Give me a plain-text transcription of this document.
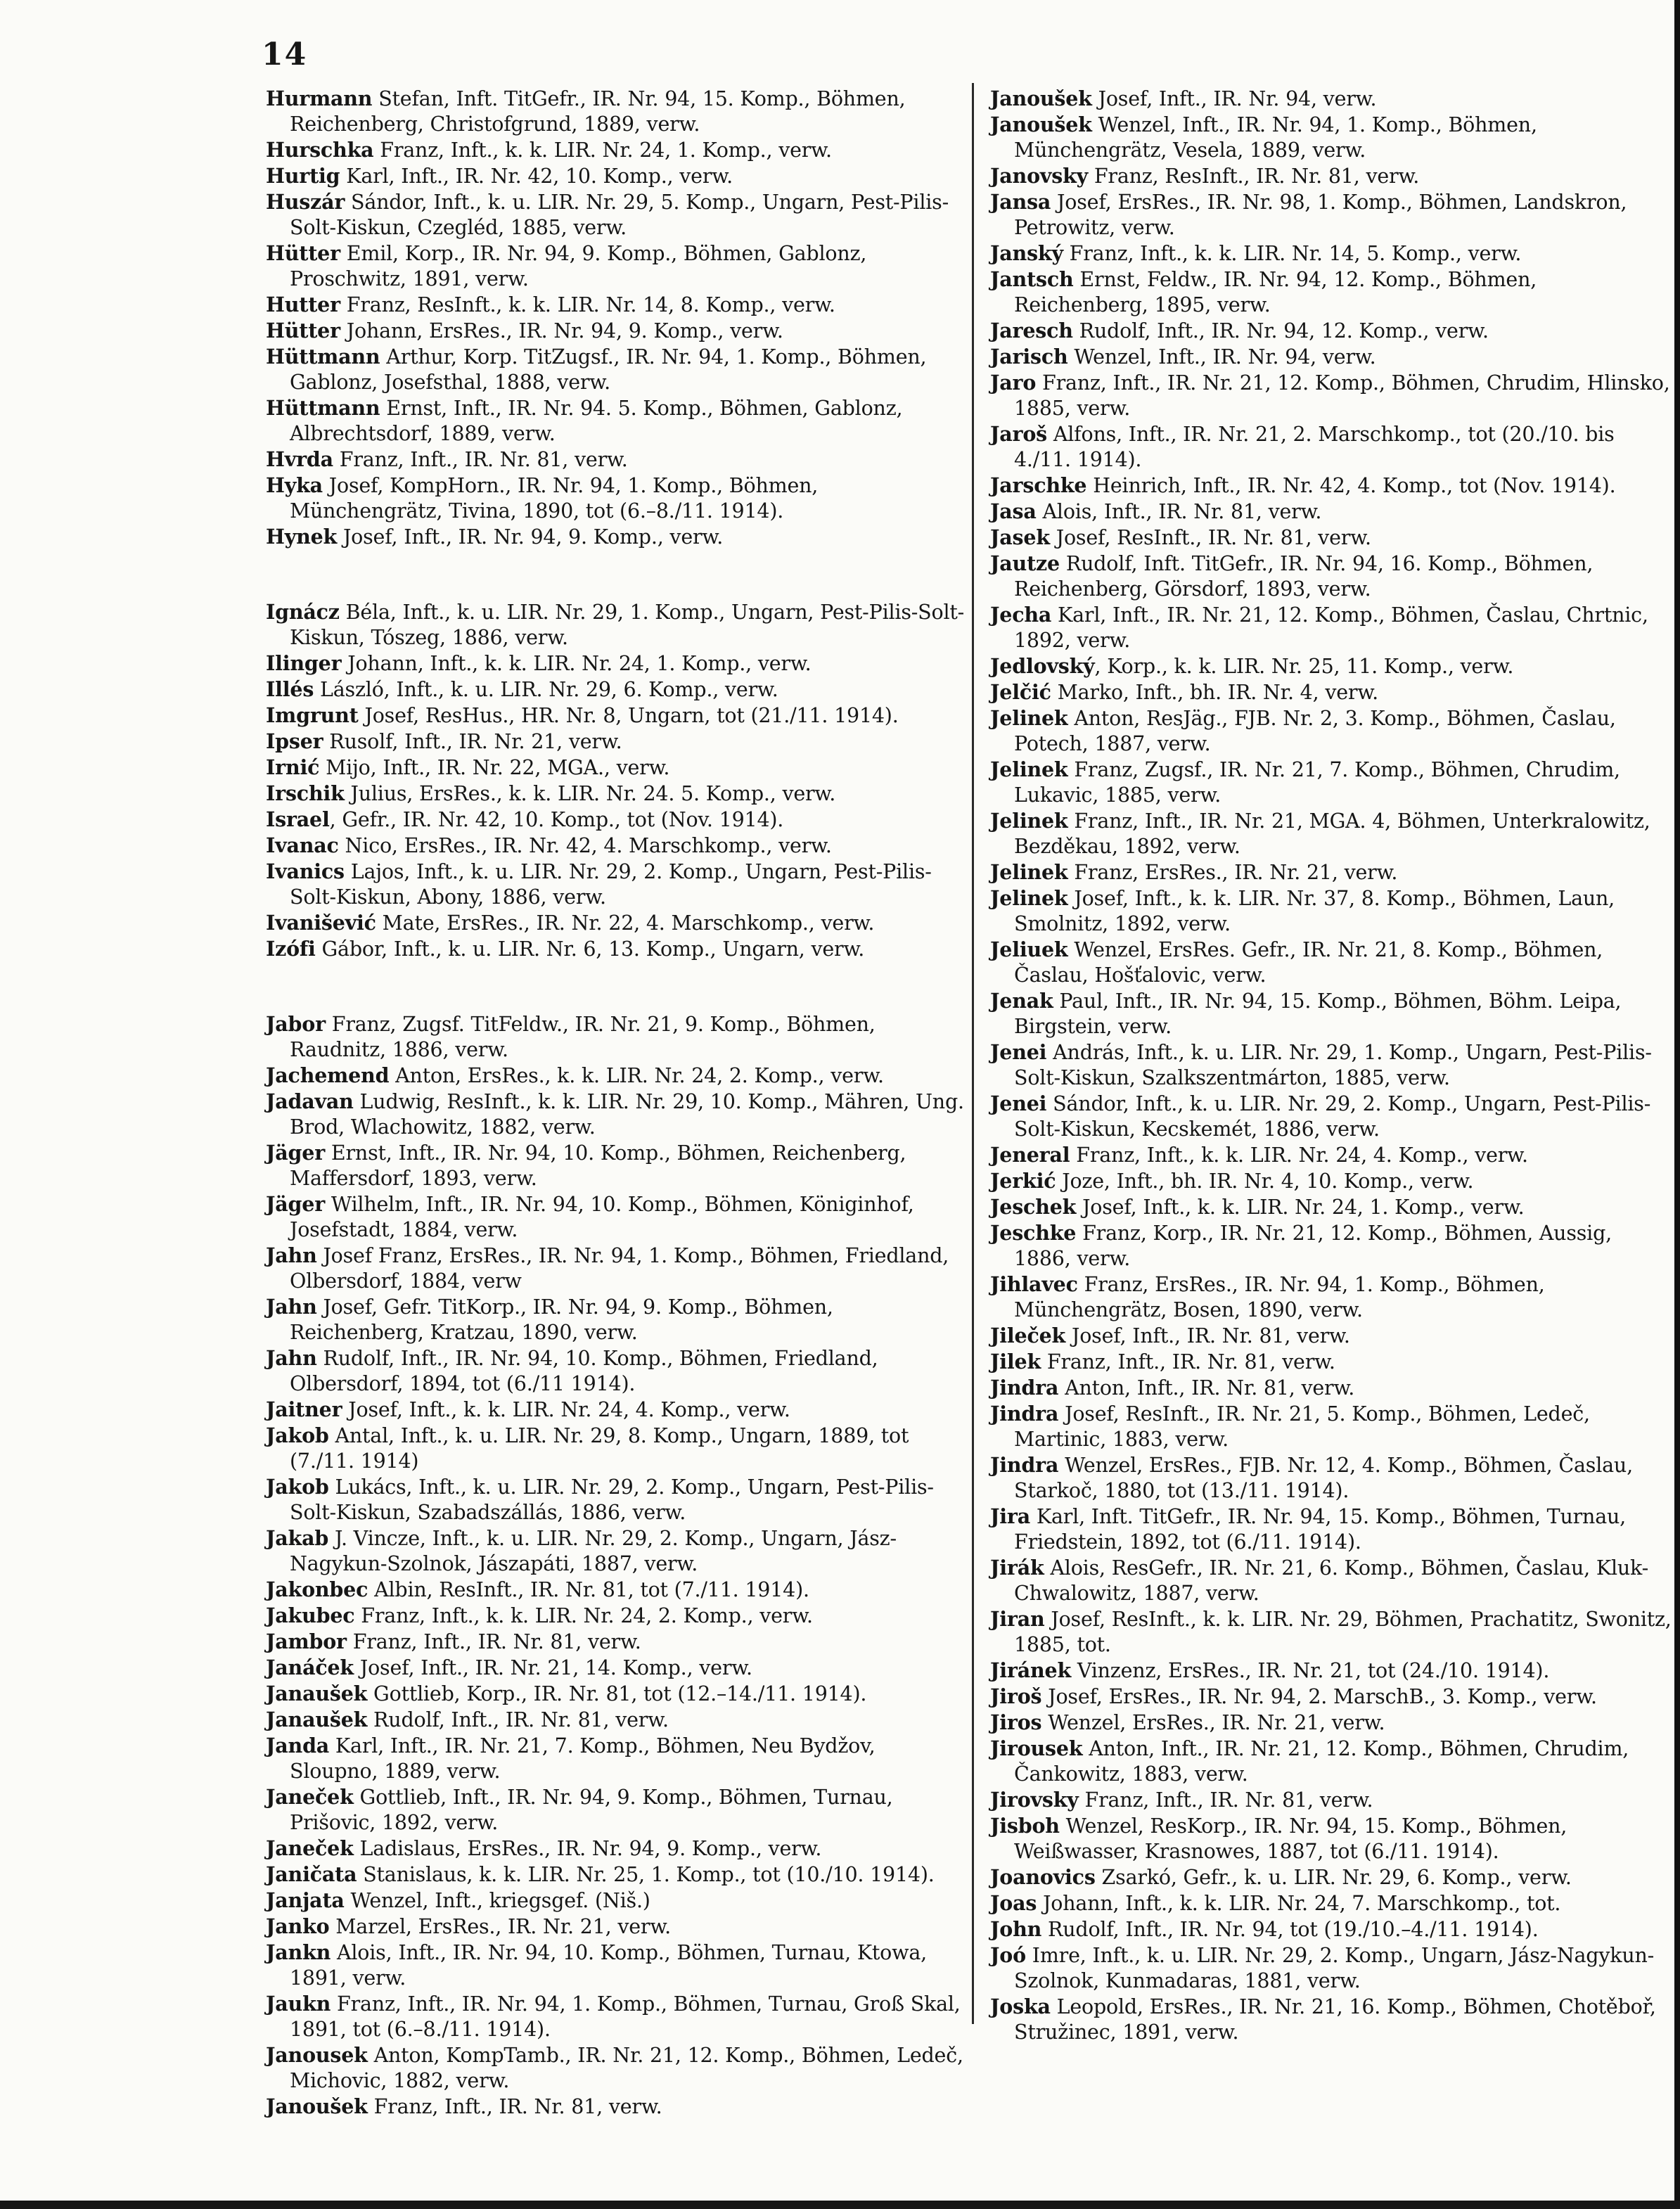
14
Hurmann Stefan, Inft. TitGefr., IR. Nr. 94, 15. Komp., Böhmen, Reichenberg, Christofgrund, 1889, verw.
Hurschka Franz, Inft., k. k. LIR. Nr. 24, 1. Komp., verw.
Hurtig Karl, Inft., IR. Nr. 42, 10. Komp., verw.
Huszár Sándor, Inft., k. u. LIR. Nr. 29, 5. Komp., Ungarn, Pest-Pilis-Solt-Kiskun, Czegléd, 1885, verw.
Hütter Emil, Korp., IR. Nr. 94, 9. Komp., Böhmen, Gablonz, Proschwitz, 1891, verw.
Hutter Franz, ResInft., k. k. LIR. Nr. 14, 8. Komp., verw.
Hütter Johann, ErsRes., IR. Nr. 94, 9. Komp., verw.
Hüttmann Arthur, Korp. TitZugsf., IR. Nr. 94, 1. Komp., Böhmen, Gablonz, Josefsthal, 1888, verw.
Hüttmann Ernst, Inft., IR. Nr. 94. 5. Komp., Böhmen, Gablonz, Albrechtsdorf, 1889, verw.
Hvrda Franz, Inft., IR. Nr. 81, verw.
Hyka Josef, KompHorn., IR. Nr. 94, 1. Komp., Böhmen, Münchengrätz, Tivina, 1890, tot (6.–8./11. 1914).
Hynek Josef, Inft., IR. Nr. 94, 9. Komp., verw.
Ignácz Béla, Inft., k. u. LIR. Nr. 29, 1. Komp., Ungarn, Pest-Pilis-Solt-Kiskun, Tószeg, 1886, verw.
Ilinger Johann, Inft., k. k. LIR. Nr. 24, 1. Komp., verw.
Illés László, Inft., k. u. LIR. Nr. 29, 6. Komp., verw.
Imgrunt Josef, ResHus., HR. Nr. 8, Ungarn, tot (21./11. 1914).
Ipser Rusolf, Inft., IR. Nr. 21, verw.
Irnić Mijo, Inft., IR. Nr. 22, MGA., verw.
Irschik Julius, ErsRes., k. k. LIR. Nr. 24. 5. Komp., verw.
Israel, Gefr., IR. Nr. 42, 10. Komp., tot (Nov. 1914).
Ivanac Nico, ErsRes., IR. Nr. 42, 4. Marschkomp., verw.
Ivanics Lajos, Inft., k. u. LIR. Nr. 29, 2. Komp., Ungarn, Pest-Pilis-Solt-Kiskun, Abony, 1886, verw.
Ivanišević Mate, ErsRes., IR. Nr. 22, 4. Marschkomp., verw.
Izófi Gábor, Inft., k. u. LIR. Nr. 6, 13. Komp., Ungarn, verw.
Jabor Franz, Zugsf. TitFeldw., IR. Nr. 21, 9. Komp., Böhmen, Raudnitz, 1886, verw.
Jachemend Anton, ErsRes., k. k. LIR. Nr. 24, 2. Komp., verw.
Jadavan Ludwig, ResInft., k. k. LIR. Nr. 29, 10. Komp., Mähren, Ung. Brod, Wlachowitz, 1882, verw.
Jäger Ernst, Inft., IR. Nr. 94, 10. Komp., Böhmen, Reichenberg, Maffersdorf, 1893, verw.
Jäger Wilhelm, Inft., IR. Nr. 94, 10. Komp., Böhmen, Königinhof, Josefstadt, 1884, verw.
Jahn Josef Franz, ErsRes., IR. Nr. 94, 1. Komp., Böhmen, Friedland, Olbersdorf, 1884, verw
Jahn Josef, Gefr. TitKorp., IR. Nr. 94, 9. Komp., Böhmen, Reichenberg, Kratzau, 1890, verw.
Jahn Rudolf, Inft., IR. Nr. 94, 10. Komp., Böhmen, Friedland, Olbersdorf, 1894, tot (6./11 1914).
Jaitner Josef, Inft., k. k. LIR. Nr. 24, 4. Komp., verw.
Jakob Antal, Inft., k. u. LIR. Nr. 29, 8. Komp., Ungarn, 1889, tot (7./11. 1914)
Jakob Lukács, Inft., k. u. LIR. Nr. 29, 2. Komp., Ungarn, Pest-Pilis-Solt-Kiskun, Szabadszállás, 1886, verw.
Jakab J. Vincze, Inft., k. u. LIR. Nr. 29, 2. Komp., Ungarn, Jász-Nagykun-Szolnok, Jászapáti, 1887, verw.
Jakonbec Albin, ResInft., IR. Nr. 81, tot (7./11. 1914).
Jakubec Franz, Inft., k. k. LIR. Nr. 24, 2. Komp., verw.
Jambor Franz, Inft., IR. Nr. 81, verw.
Janáček Josef, Inft., IR. Nr. 21, 14. Komp., verw.
Janaušek Gottlieb, Korp., IR. Nr. 81, tot (12.–14./11. 1914).
Janaušek Rudolf, Inft., IR. Nr. 81, verw.
Janda Karl, Inft., IR. Nr. 21, 7. Komp., Böhmen, Neu Bydžov, Sloupno, 1889, verw.
Janeček Gottlieb, Inft., IR. Nr. 94, 9. Komp., Böhmen, Turnau, Prišovic, 1892, verw.
Janeček Ladislaus, ErsRes., IR. Nr. 94, 9. Komp., verw.
Janičata Stanislaus, k. k. LIR. Nr. 25, 1. Komp., tot (10./10. 1914).
Janjata Wenzel, Inft., kriegsgef. (Niš.)
Janko Marzel, ErsRes., IR. Nr. 21, verw.
Jankn Alois, Inft., IR. Nr. 94, 10. Komp., Böhmen, Turnau, Ktowa, 1891, verw.
Jaukn Franz, Inft., IR. Nr. 94, 1. Komp., Böhmen, Turnau, Groß Skal, 1891, tot (6.–8./11. 1914).
Janousek Anton, KompTamb., IR. Nr. 21, 12. Komp., Böhmen, Ledeč, Michovic, 1882, verw.
Janoušek Franz, Inft., IR. Nr. 81, verw.
Janoušek Josef, Inft., IR. Nr. 94, verw.
Janoušek Wenzel, Inft., IR. Nr. 94, 1. Komp., Böhmen, Münchengrätz, Vesela, 1889, verw.
Janovsky Franz, ResInft., IR. Nr. 81, verw.
Jansa Josef, ErsRes., IR. Nr. 98, 1. Komp., Böhmen, Landskron, Petrowitz, verw.
Janský Franz, Inft., k. k. LIR. Nr. 14, 5. Komp., verw.
Jantsch Ernst, Feldw., IR. Nr. 94, 12. Komp., Böhmen, Reichenberg, 1895, verw.
Jaresch Rudolf, Inft., IR. Nr. 94, 12. Komp., verw.
Jarisch Wenzel, Inft., IR. Nr. 94, verw.
Jaro Franz, Inft., IR. Nr. 21, 12. Komp., Böhmen, Chrudim, Hlinsko, 1885, verw.
Jaroš Alfons, Inft., IR. Nr. 21, 2. Marschkomp., tot (20./10. bis 4./11. 1914).
Jarschke Heinrich, Inft., IR. Nr. 42, 4. Komp., tot (Nov. 1914).
Jasa Alois, Inft., IR. Nr. 81, verw.
Jasek Josef, ResInft., IR. Nr. 81, verw.
Jautze Rudolf, Inft. TitGefr., IR. Nr. 94, 16. Komp., Böhmen, Reichenberg, Görsdorf, 1893, verw.
Jecha Karl, Inft., IR. Nr. 21, 12. Komp., Böhmen, Časlau, Chrtnic, 1892, verw.
Jedlovský, Korp., k. k. LIR. Nr. 25, 11. Komp., verw.
Jelčić Marko, Inft., bh. IR. Nr. 4, verw.
Jelinek Anton, ResJäg., FJB. Nr. 2, 3. Komp., Böhmen, Časlau, Potech, 1887, verw.
Jelinek Franz, Zugsf., IR. Nr. 21, 7. Komp., Böhmen, Chrudim, Lukavic, 1885, verw.
Jelinek Franz, Inft., IR. Nr. 21, MGA. 4, Böhmen, Unterkralowitz, Bezděkau, 1892, verw.
Jelinek Franz, ErsRes., IR. Nr. 21, verw.
Jelinek Josef, Inft., k. k. LIR. Nr. 37, 8. Komp., Böhmen, Laun, Smolnitz, 1892, verw.
Jeliuek Wenzel, ErsRes. Gefr., IR. Nr. 21, 8. Komp., Böhmen, Časlau, Hošťalovic, verw.
Jenak Paul, Inft., IR. Nr. 94, 15. Komp., Böhmen, Böhm. Leipa, Birgstein, verw.
Jenei András, Inft., k. u. LIR. Nr. 29, 1. Komp., Ungarn, Pest-Pilis-Solt-Kiskun, Szalkszentmárton, 1885, verw.
Jenei Sándor, Inft., k. u. LIR. Nr. 29, 2. Komp., Ungarn, Pest-Pilis-Solt-Kiskun, Kecskemét, 1886, verw.
Jeneral Franz, Inft., k. k. LIR. Nr. 24, 4. Komp., verw.
Jerkić Joze, Inft., bh. IR. Nr. 4, 10. Komp., verw.
Jeschek Josef, Inft., k. k. LIR. Nr. 24, 1. Komp., verw.
Jeschke Franz, Korp., IR. Nr. 21, 12. Komp., Böhmen, Aussig, 1886, verw.
Jihlavec Franz, ErsRes., IR. Nr. 94, 1. Komp., Böhmen, Münchengrätz, Bosen, 1890, verw.
Jileček Josef, Inft., IR. Nr. 81, verw.
Jilek Franz, Inft., IR. Nr. 81, verw.
Jindra Anton, Inft., IR. Nr. 81, verw.
Jindra Josef, ResInft., IR. Nr. 21, 5. Komp., Böhmen, Ledeč, Martinic, 1883, verw.
Jindra Wenzel, ErsRes., FJB. Nr. 12, 4. Komp., Böhmen, Časlau, Starkoč, 1880, tot (13./11. 1914).
Jira Karl, Inft. TitGefr., IR. Nr. 94, 15. Komp., Böhmen, Turnau, Friedstein, 1892, tot (6./11. 1914).
Jirák Alois, ResGefr., IR. Nr. 21, 6. Komp., Böhmen, Časlau, Kluk-Chwalowitz, 1887, verw.
Jiran Josef, ResInft., k. k. LIR. Nr. 29, Böhmen, Prachatitz, Swonitz, 1885, tot.
Jiránek Vinzenz, ErsRes., IR. Nr. 21, tot (24./10. 1914).
Jiroš Josef, ErsRes., IR. Nr. 94, 2. MarschB., 3. Komp., verw.
Jiros Wenzel, ErsRes., IR. Nr. 21, verw.
Jirousek Anton, Inft., IR. Nr. 21, 12. Komp., Böhmen, Chrudim, Čankowitz, 1883, verw.
Jirovsky Franz, Inft., IR. Nr. 81, verw.
Jisboh Wenzel, ResKorp., IR. Nr. 94, 15. Komp., Böhmen, Weißwasser, Krasnowes, 1887, tot (6./11. 1914).
Joanovics Zsarkó, Gefr., k. u. LIR. Nr. 29, 6. Komp., verw.
Joas Johann, Inft., k. k. LIR. Nr. 24, 7. Marschkomp., tot.
John Rudolf, Inft., IR. Nr. 94, tot (19./10.–4./11. 1914).
Joó Imre, Inft., k. u. LIR. Nr. 29, 2. Komp., Ungarn, Jász-Nagykun-Szolnok, Kunmadaras, 1881, verw.
Joska Leopold, ErsRes., IR. Nr. 21, 16. Komp., Böhmen, Chotěboř, Stružinec, 1891, verw.
